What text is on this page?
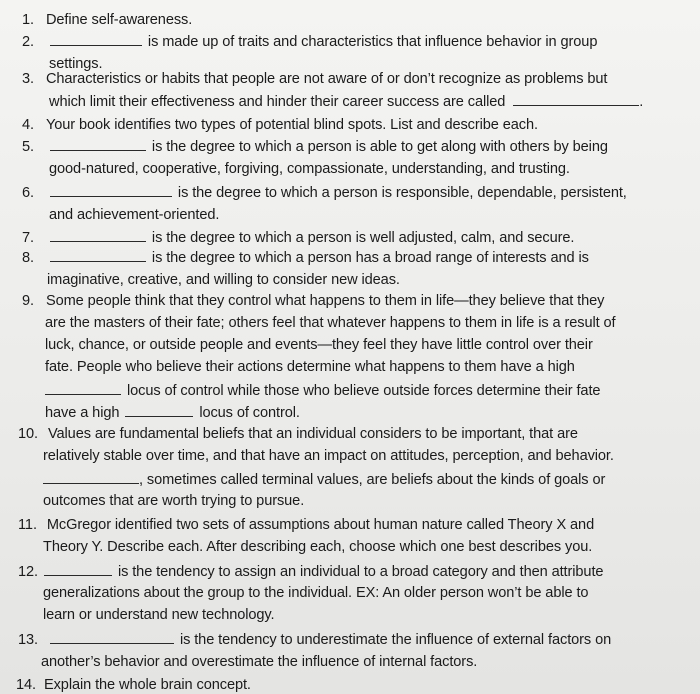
1. Define self-awareness.
2.	is made up of traits and characteristics that influence behavior in group
settings.
3. Characteristics or habits that people are not aware of or don’t recognize as problems but
which limit their effectiveness and hinder their career success are called	.
4. Your book identifies two types of potential blind spots. List and describe each.
5.	is the degree to which a person is able to get along with others by being
good-natured, cooperative, forgiving, compassionate, understanding, and trusting.
6.	is the degree to which a person is responsible, dependable, persistent,
and achievement-oriented.
7.	is the degree to which a person is well adjusted, calm, and secure.
8.	is the degree to which a person has a broad range of interests and is
imaginative, creative, and willing to consider new ideas.
9. Some people think that they control what happens to them in life—they believe that they
are the masters of their fate; others feel that whatever happens to them in life is a result of
luck, chance, or outside people and events—they feel they have little control over their
fate. People who believe their actions determine what happens to them have a high
locus of control while those who believe outside forces determine their fate
have a high	locus of control.
10. Values are fundamental beliefs that an individual considers to be important, that are
relatively stable over time, and that have an impact on attitudes, perception, and behavior.
, sometimes called terminal values, are beliefs about the kinds of goals or
outcomes that are worth trying to pursue.
11. McGregor identified two sets of assumptions about human nature called Theory X and
Theory Y. Describe each. After describing each, choose which one best describes you.
12.	is the tendency to assign an individual to a broad category and then attribute
generalizations about the group to the individual. EX: An older person won’t be able to
learn or understand new technology.
13.	is the tendency to underestimate the influence of external factors on
another’s behavior and overestimate the influence of internal factors.
14. Explain the whole brain concept.
